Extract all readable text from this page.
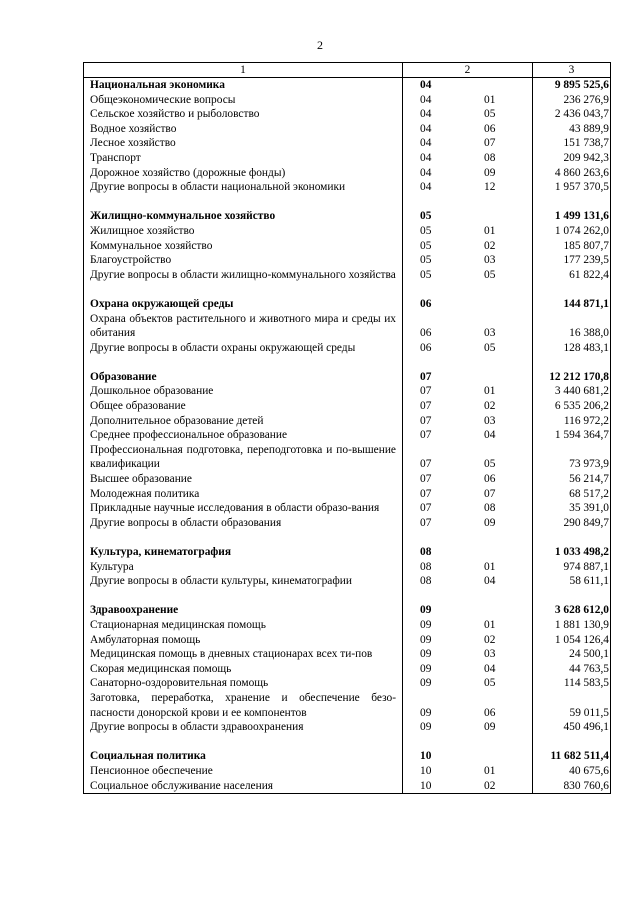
2
1	2	3
Национальная экономика	04	9 895 525,6
Общеэкономические вопросы	04 01	236 276,9
Сельское хозяйство и рыболовство	04 05	2 436 043,7
Водное хозяйство	04 06	43 889,9
Лесное хозяйство	04 07	151 738,7
Транспорт	04 08	209 942,3
Дорожное хозяйство (дорожные фонды)	04 09	4 860 263,6
Другие вопросы в области национальной экономики	04 12	1 957 370,5

Жилищно-коммунальное хозяйство	05	1 499 131,6
Жилищное хозяйство	05 01	1 074 262,0
Коммунальное хозяйство	05 02	185 807,7
Благоустройство	05 03	177 239,5
Другие вопросы в области жилищно-коммунального хозяйства	05 05	61 822,4

Охрана окружающей среды	06	144 871,1
Охрана объектов растительного и животного мира и среды их обитания	06 03	16 388,0
Другие вопросы в области охраны окружающей среды	06 05	128 483,1

Образование	07	12 212 170,8
Дошкольное образование	07 01	3 440 681,2
Общее образование	07 02	6 535 206,2
Дополнительное образование детей	07 03	116 972,2
Среднее профессиональное образование	07 04	1 594 364,7
Профессиональная подготовка, переподготовка и по-вышение квалификации	07 05	73 973,9
Высшее образование	07 06	56 214,7
Молодежная политика	07 07	68 517,2
Прикладные научные исследования в области образо-вания	07 08	35 391,0
Другие вопросы в области образования	07 09	290 849,7

Культура, кинематография	08	1 033 498,2
Культура	08 01	974 887,1
Другие вопросы в области культуры, кинематографии	08 04	58 611,1

Здравоохранение	09	3 628 612,0
Стационарная медицинская помощь	09 01	1 881 130,9
Амбулаторная помощь	09 02	1 054 126,4
Медицинская помощь в дневных стационарах всех ти-пов	09 03	24 500,1
Скорая медицинская помощь	09 04	44 763,5
Санаторно-оздоровительная помощь	09 05	114 583,5
Заготовка, переработка, хранение и обеспечение безо-пасности донорской крови и ее компонентов	09 06	59 011,5
Другие вопросы в области здравоохранения	09 09	450 496,1

Социальная политика	10	11 682 511,4
Пенсионное обеспечение	10 01	40 675,6
Социальное обслуживание населения	10 02	830 760,6
